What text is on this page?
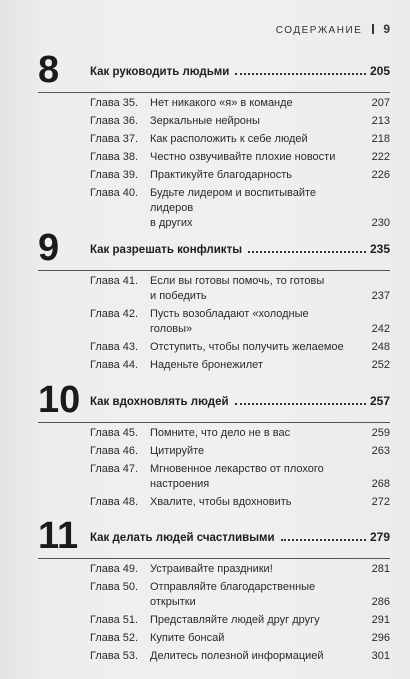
СОДЕРЖАНИЕ 9
8	Как руководить людьми	205
Глава 35.	Нет никакого «я» в команде	207
Глава 36.	Зеркальные нейроны	213
Глава 37.	Как расположить к себе людей	218
Глава 38.	Честно озвучивайте плохие новости	222
Глава 39.	Практикуйте благодарность	226
Глава 40.	Будьте лидером и воспитывайте лидеров
в других	230
9	Как разрешать конфликты	235
Глава 41.	Если вы готовы помочь, то готовы
и победить	237
Глава 42.	Пусть возобладают «холодные
головы»	242
Глава 43.	Отступить, чтобы получить желаемое	248
Глава 44.	Наденьте бронежилет	252
10 Как вдохновлять людей	257
Глава 45.	Помните, что дело не в вас	259
Глава 46.	Цитируйте	263
Глава 47.	Мгновенное лекарство от плохого
настроения	268
Глава 48.	Хвалите, чтобы вдохновить	272
11 Как делать людей счастливыми	279
Глава 49.	Устраивайте праздники!	281
Глава 50.	Отправляйте благодарственные
открытки	286
Глава 51.	Представляйте людей друг другу	291
Глава 52.	Купите бонсай	296
Глава 53.	Делитесь полезной информацией	301
